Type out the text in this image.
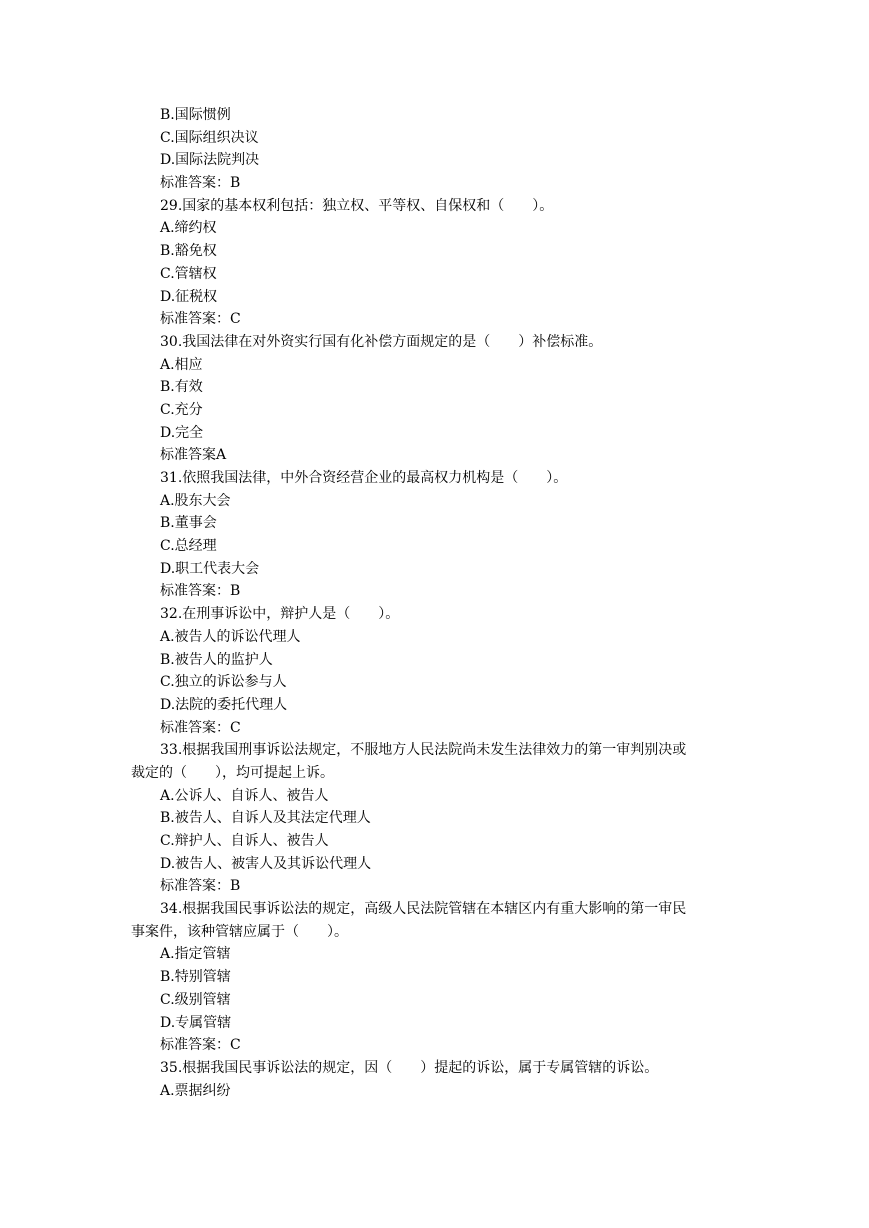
B.国际惯例
C.国际组织决议
D.国际法院判决
标准答案：B
29.国家的基本权利包括：独立权、平等权、自保权和（　　）。
A.缔约权
B.豁免权
C.管辖权
D.征税权
标准答案：C
30.我国法律在对外资实行国有化补偿方面规定的是（　　）补偿标准。
A.相应
B.有效
C.充分
D.完全
标准答案A
31.依照我国法律，中外合资经营企业的最高权力机构是（　　）。
A.股东大会
B.董事会
C.总经理
D.职工代表大会
标准答案：B
32.在刑事诉讼中，辩护人是（　　）。
A.被告人的诉讼代理人
B.被告人的监护人
C.独立的诉讼参与人
D.法院的委托代理人
标准答案：C
33.根据我国刑事诉讼法规定，不服地方人民法院尚未发生法律效力的第一审判别决或
裁定的（　　），均可提起上诉。
A.公诉人、自诉人、被告人
B.被告人、自诉人及其法定代理人
C.辩护人、自诉人、被告人
D.被告人、被害人及其诉讼代理人
标准答案：B
34.根据我国民事诉讼法的规定，高级人民法院管辖在本辖区内有重大影响的第一审民
事案件，该种管辖应属于（　　）。
A.指定管辖
B.特别管辖
C.级别管辖
D.专属管辖
标准答案：C
35.根据我国民事诉讼法的规定，因（　　）提起的诉讼，属于专属管辖的诉讼。
A.票据纠纷
